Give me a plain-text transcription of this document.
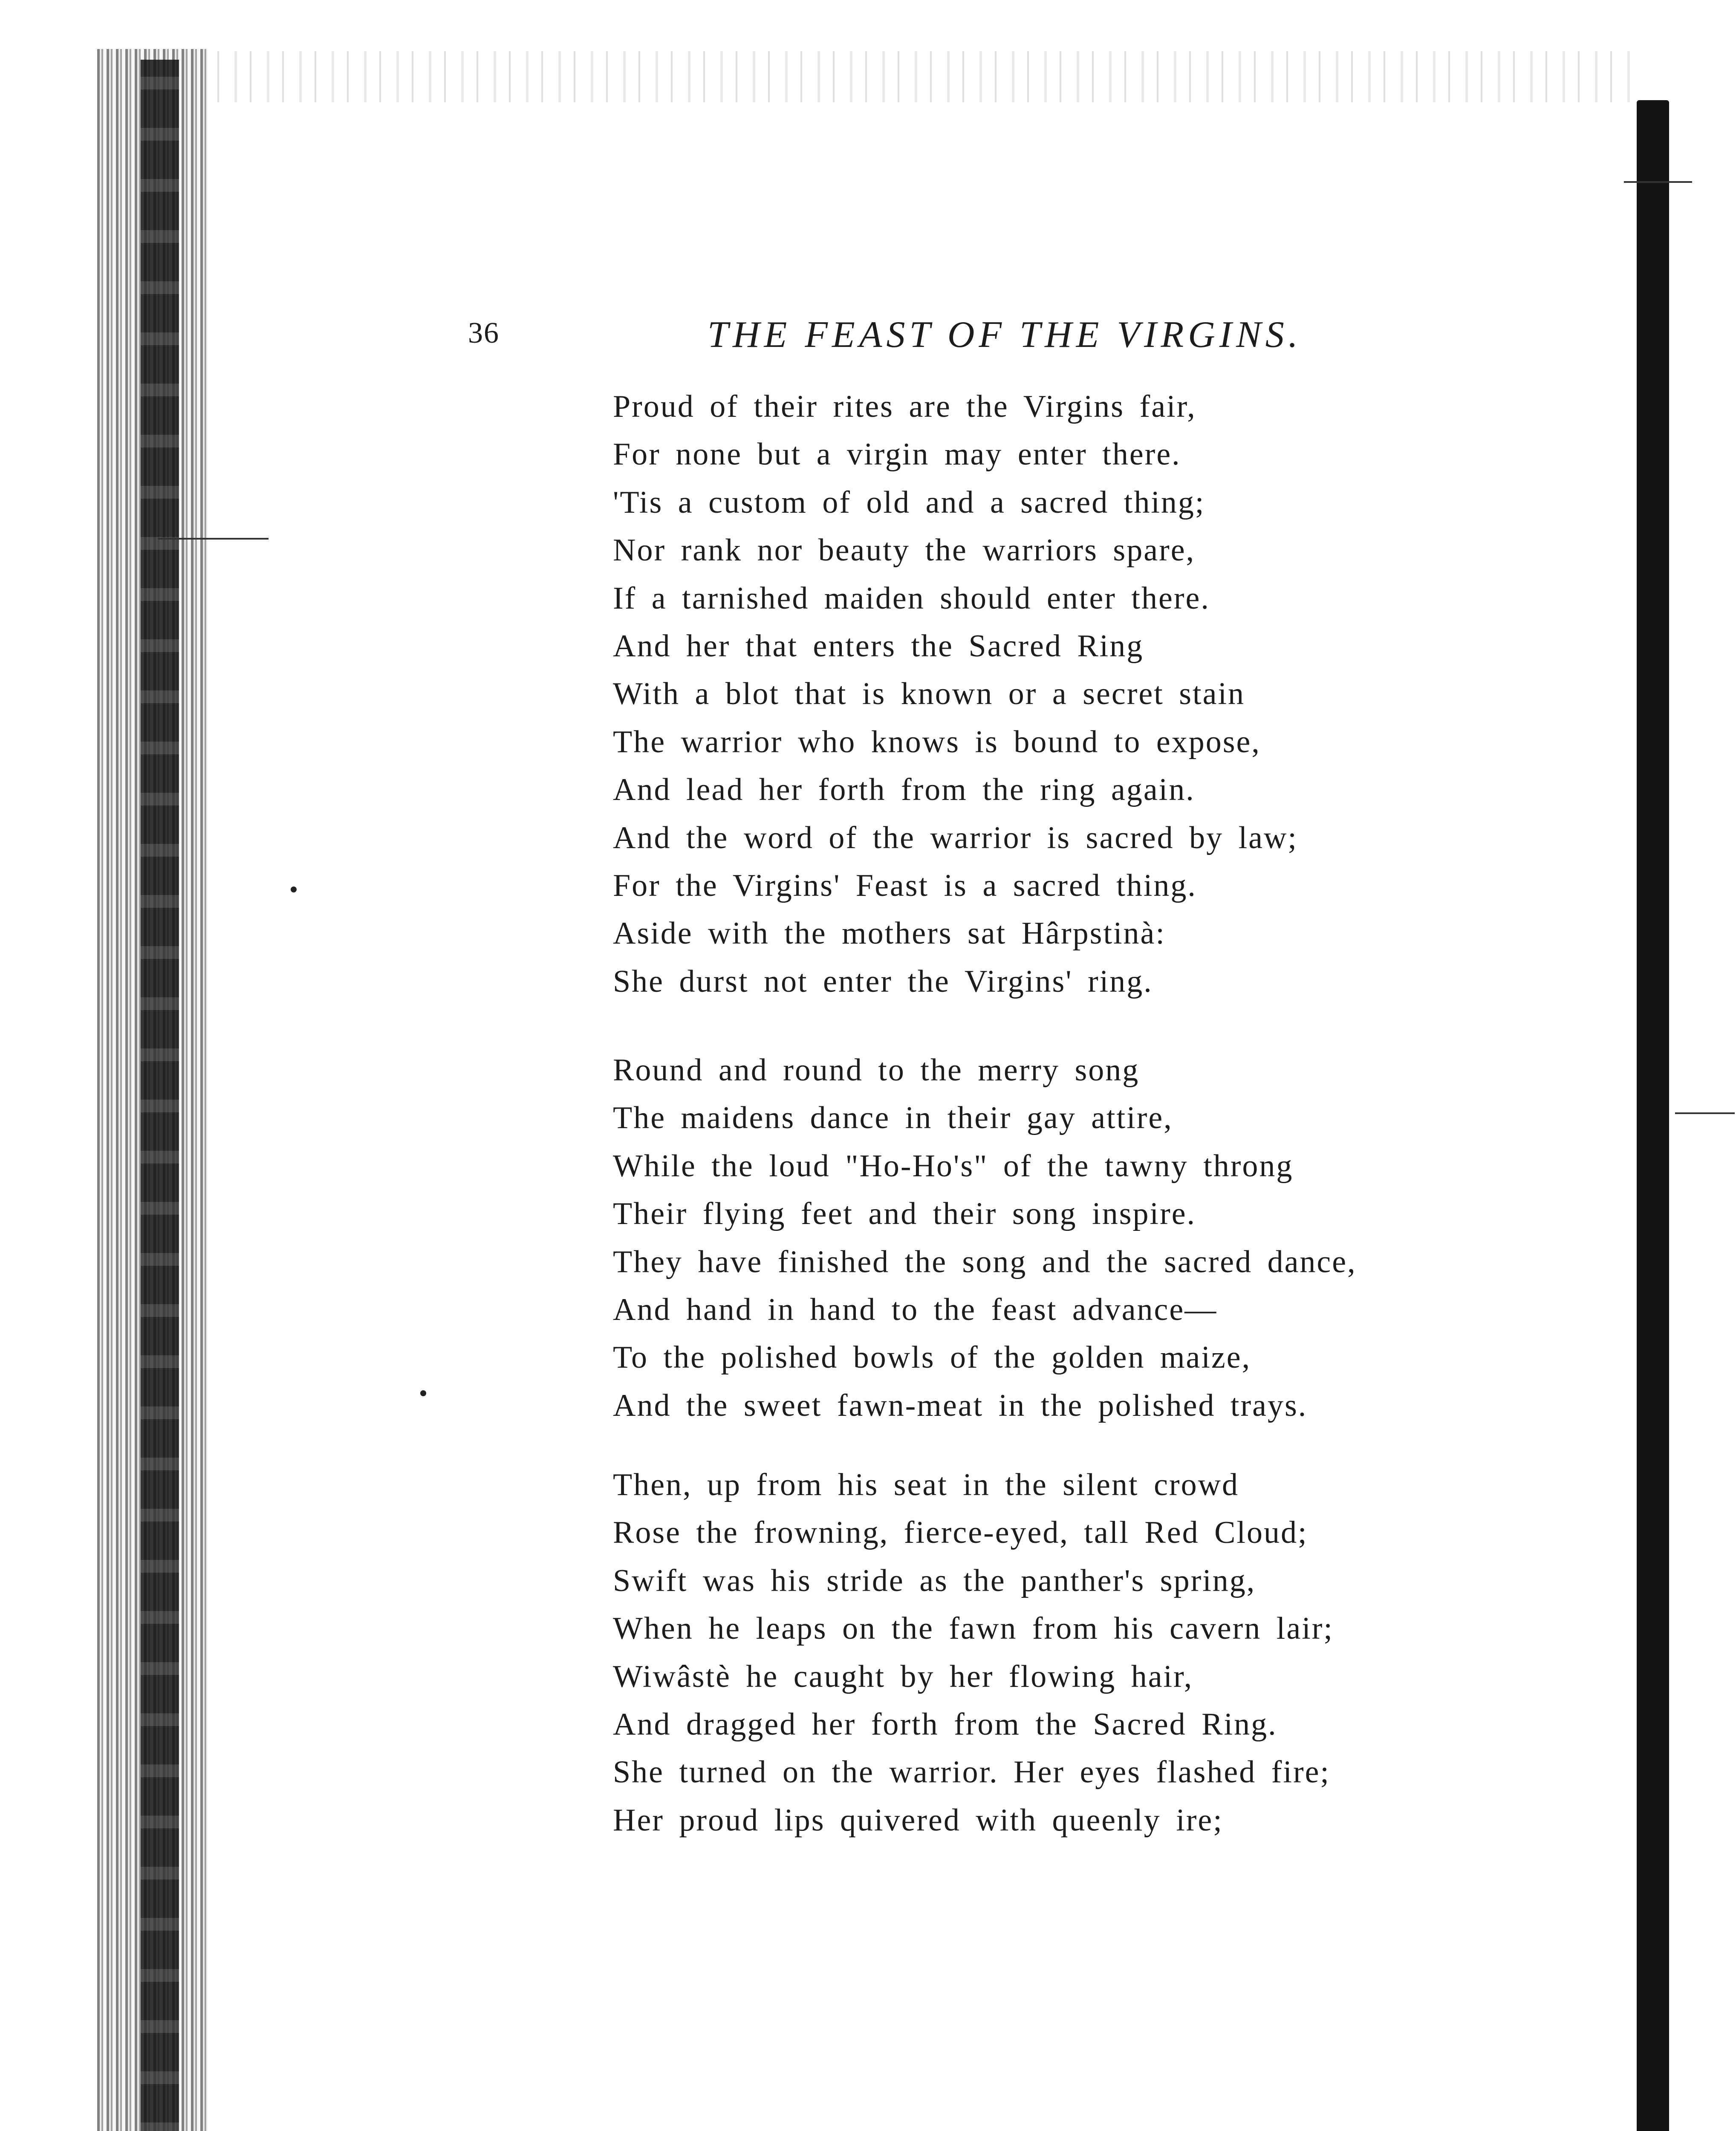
36	THE FEAST OF THE VIRGINS.
Proud of their rites are the Virgins fair,
For none but a virgin may enter there.
'Tis a custom of old and a sacred thing;
Nor rank nor beauty the warriors spare,
If a tarnished maiden should enter there.
And her that enters the Sacred Ring
With a blot that is known or a secret stain
The warrior who knows is bound to expose,
And lead her forth from the ring again.
And the word of the warrior is sacred by law;
For the Virgins' Feast is a sacred thing.
Aside with the mothers sat Hârpstinà:
She durst not enter the Virgins' ring.
Round and round to the merry song
The maidens dance in their gay attire,
While the loud "Ho-Ho's" of the tawny throng
Their flying feet and their song inspire.
They have finished the song and the sacred dance,
And hand in hand to the feast advance—
To the polished bowls of the golden maize,
And the sweet fawn-meat in the polished trays.
Then, up from his seat in the silent crowd
Rose the frowning, fierce-eyed, tall Red Cloud;
Swift was his stride as the panther's spring,
When he leaps on the fawn from his cavern lair;
Wiwâstè he caught by her flowing hair,
And dragged her forth from the Sacred Ring.
She turned on the warrior. Her eyes flashed fire;
Her proud lips quivered with queenly ire;
